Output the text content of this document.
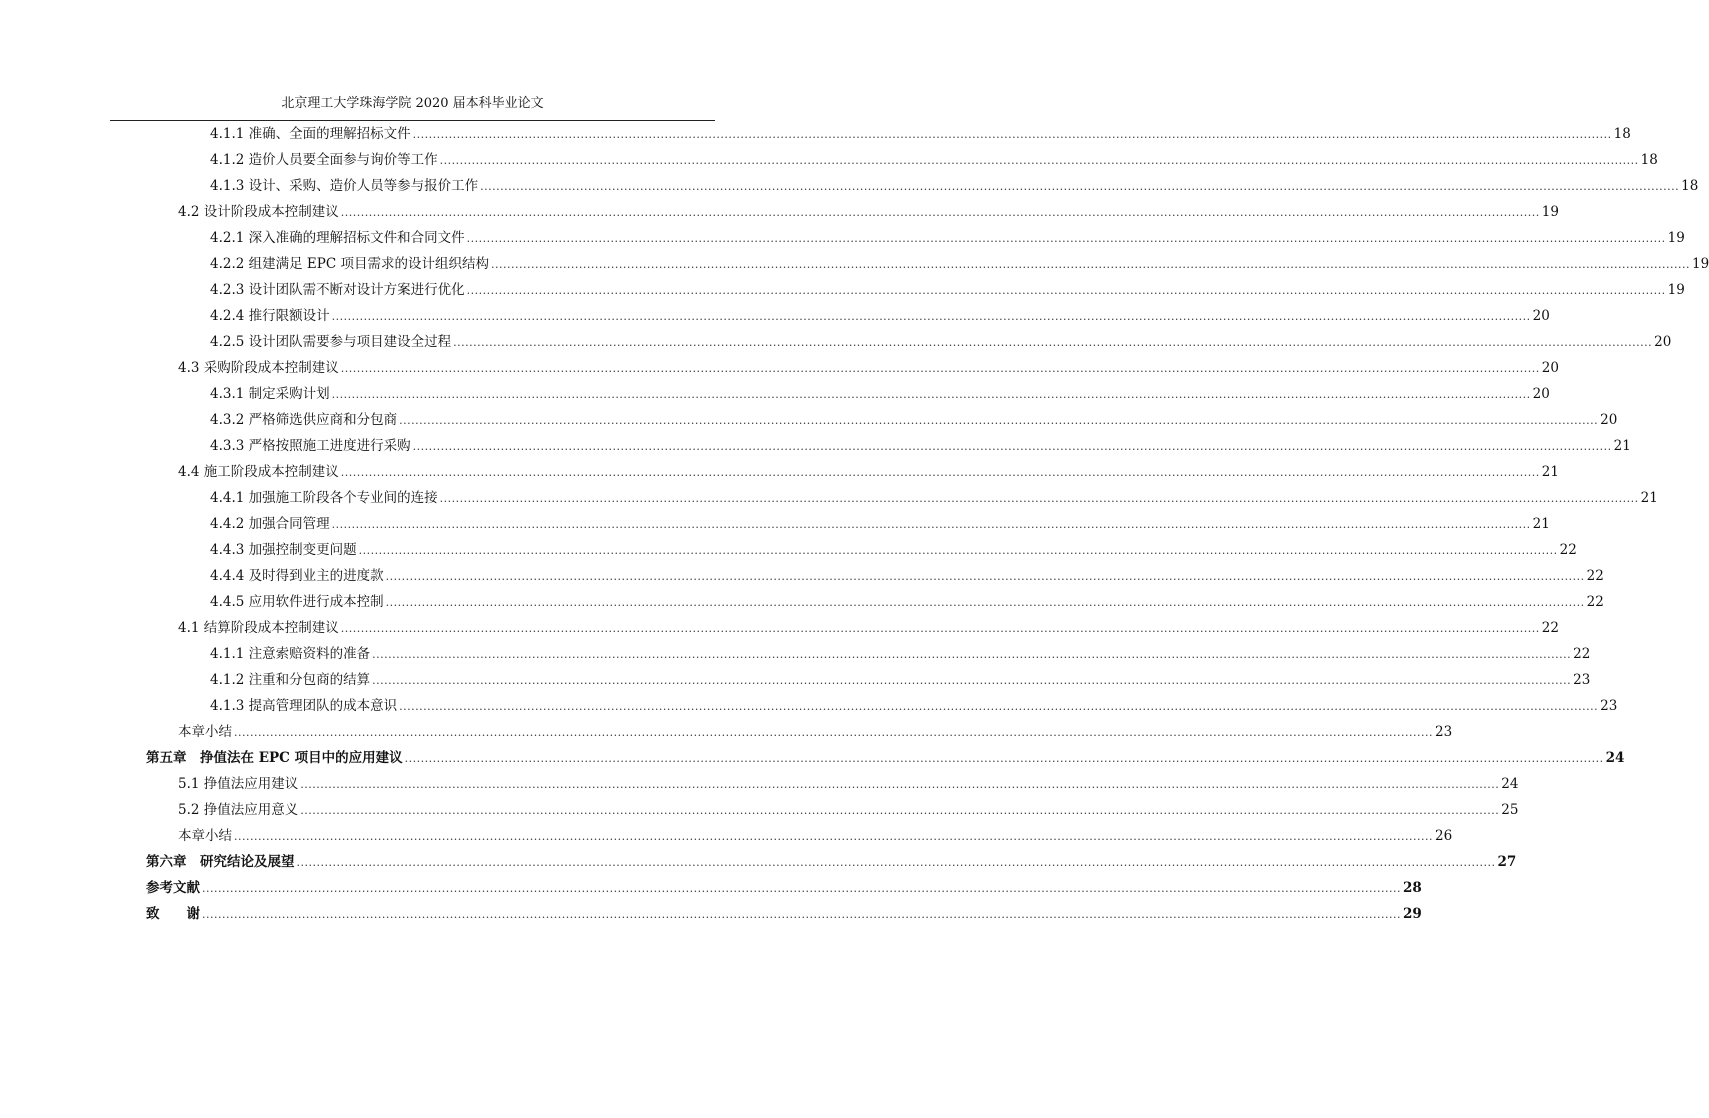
北京理工大学珠海学院 2020 届本科毕业论文
4.1.1 准确、全面的理解招标文件 ............................................................................................................................................................................................................................................................................................................ 18
4.1.2 造价人员要全面参与询价等工作 ............................................................................................................................................................................................................................................................................................................ 18
4.1.3 设计、采购、造价人员等参与报价工作 ............................................................................................................................................................................................................................................................................................................ 18
4.2 设计阶段成本控制建议 ............................................................................................................................................................................................................................................................................................................ 19
4.2.1 深入准确的理解招标文件和合同文件 ............................................................................................................................................................................................................................................................................................................ 19
4.2.2 组建满足 EPC 项目需求的设计组织结构 ............................................................................................................................................................................................................................................................................................................ 19
4.2.3 设计团队需不断对设计方案进行优化 ............................................................................................................................................................................................................................................................................................................ 19
4.2.4 推行限额设计 ............................................................................................................................................................................................................................................................................................................ 20
4.2.5 设计团队需要参与项目建设全过程 ............................................................................................................................................................................................................................................................................................................ 20
4.3 采购阶段成本控制建议 ............................................................................................................................................................................................................................................................................................................ 20
4.3.1 制定采购计划 ............................................................................................................................................................................................................................................................................................................ 20
4.3.2 严格筛选供应商和分包商 ............................................................................................................................................................................................................................................................................................................ 20
4.3.3 严格按照施工进度进行采购 ............................................................................................................................................................................................................................................................................................................ 21
4.4 施工阶段成本控制建议 ............................................................................................................................................................................................................................................................................................................ 21
4.4.1 加强施工阶段各个专业间的连接 ............................................................................................................................................................................................................................................................................................................ 21
4.4.2 加强合同管理 ............................................................................................................................................................................................................................................................................................................ 21
4.4.3 加强控制变更问题 ............................................................................................................................................................................................................................................................................................................ 22
4.4.4 及时得到业主的进度款 ............................................................................................................................................................................................................................................................................................................ 22
4.4.5 应用软件进行成本控制 ............................................................................................................................................................................................................................................................................................................ 22
4.1 结算阶段成本控制建议 ............................................................................................................................................................................................................................................................................................................ 22
4.1.1 注意索赔资料的准备 ............................................................................................................................................................................................................................................................................................................ 22
4.1.2 注重和分包商的结算 ............................................................................................................................................................................................................................................................................................................ 23
4.1.3 提高管理团队的成本意识 ............................................................................................................................................................................................................................................................................................................ 23
本章小结 ............................................................................................................................................................................................................................................................................................................ 23
第五章　挣值法在 EPC 项目中的应用建议 ............................................................................................................................................................................................................................................................................................................ 24
5.1 挣值法应用建议 ............................................................................................................................................................................................................................................................................................................ 24
5.2 挣值法应用意义 ............................................................................................................................................................................................................................................................................................................ 25
本章小结 ............................................................................................................................................................................................................................................................................................................ 26
第六章　研究结论及展望 ............................................................................................................................................................................................................................................................................................................ 27
参考文献 ............................................................................................................................................................................................................................................................................................................ 28
致　　谢 ............................................................................................................................................................................................................................................................................................................ 29
